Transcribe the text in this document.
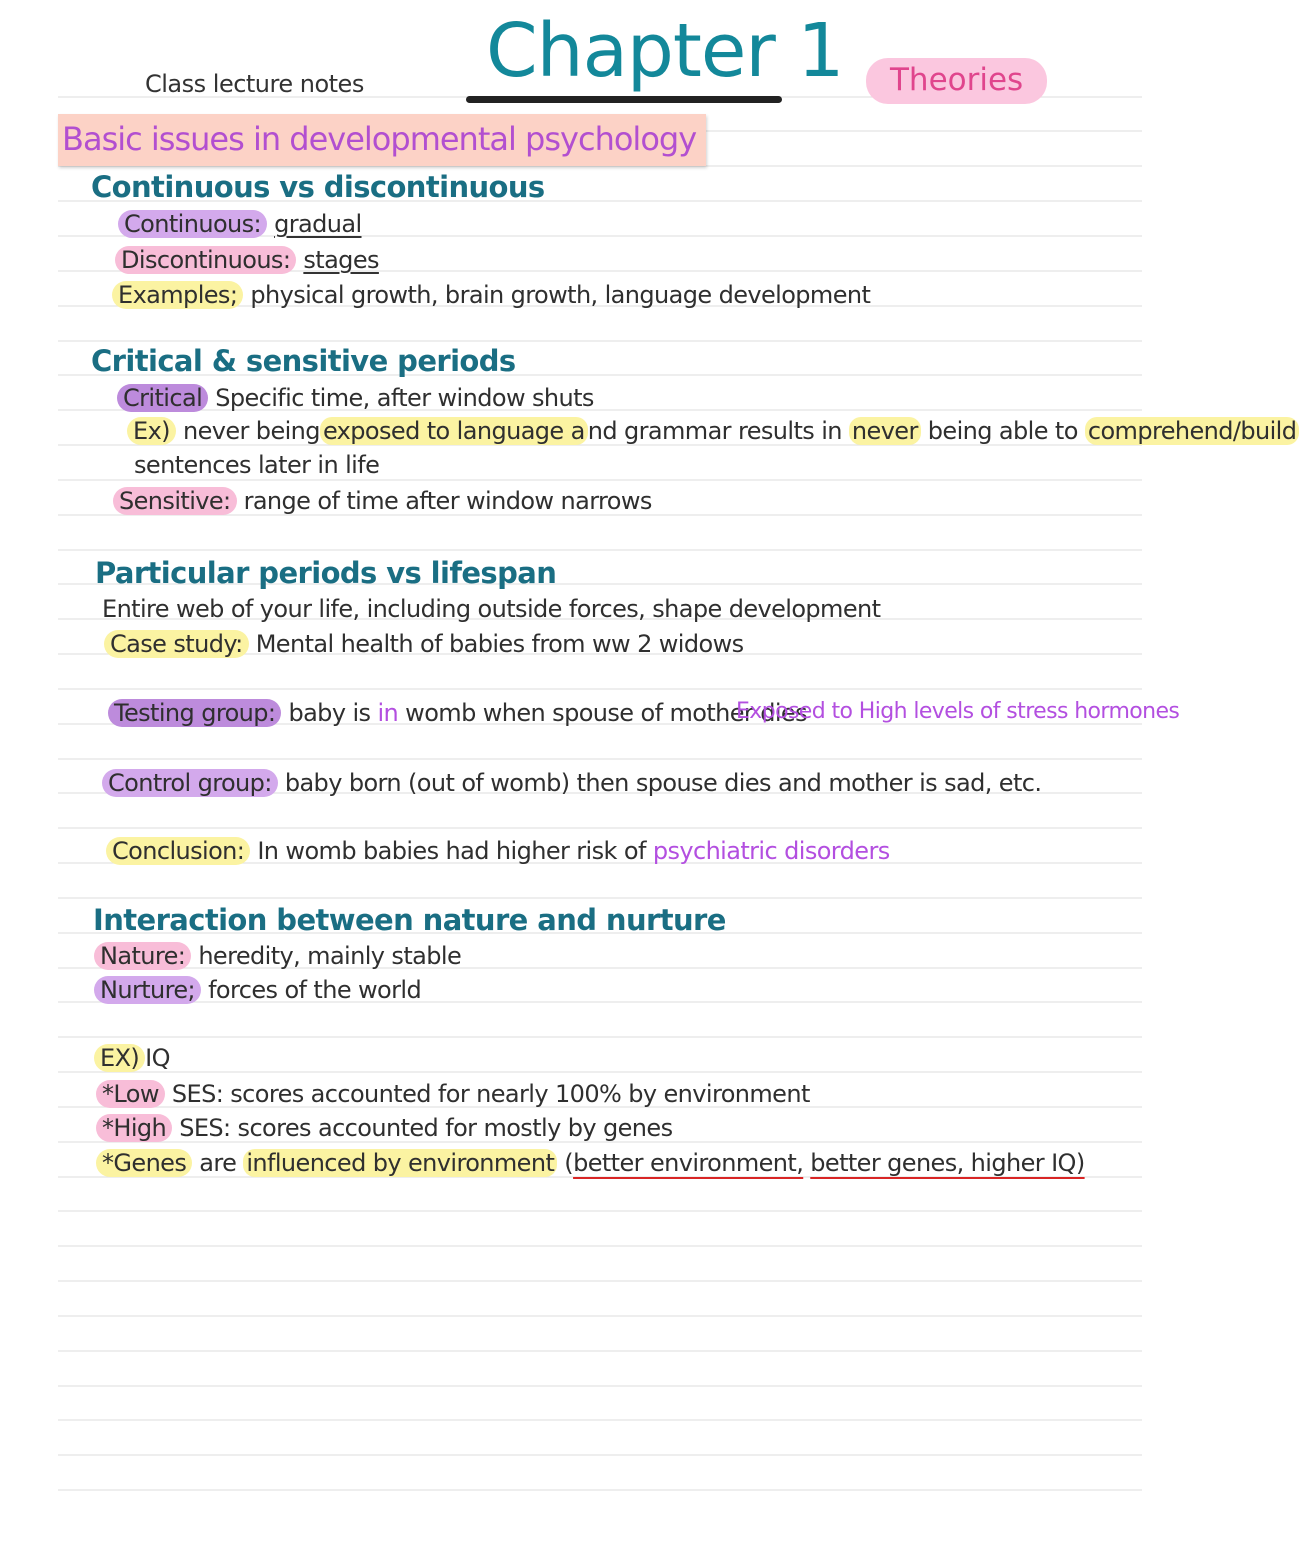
Class lecture notes Chapter 1	Theories
Basic issues in developmental psychology
Continuous vs discontinuous
Continuous: gradual
Discontinuous: stages
Examples; physical growth, brain growth, language development
Critical & sensitive periods
Critical Specific time, after window shuts
Ex) never being exposed to language a nd grammar results in never being able to comprehend/build
sentences later in life
Sensitive: range of time after window narrows
Particular periods vs lifespan
Entire web of your life, including outside forces, shape development
Case study: Mental health of babies from ww 2 widows
Testing group: baby is in womb when spouse of mother dies
Exposed to High levels of stress hormones
Control group: baby born (out of womb) then spouse dies and mother is sad, etc.
Conclusion: In womb babies had higher risk of psychiatric disorders
Interaction between nature and nurture
Nature: heredity, mainly stable
Nurture; forces of the world
EX) IQ
*Low SES: scores accounted for nearly 100% by environment
*High SES: scores accounted for mostly by genes
*Genes are influenced by environment (better environment, better genes, higher IQ)
